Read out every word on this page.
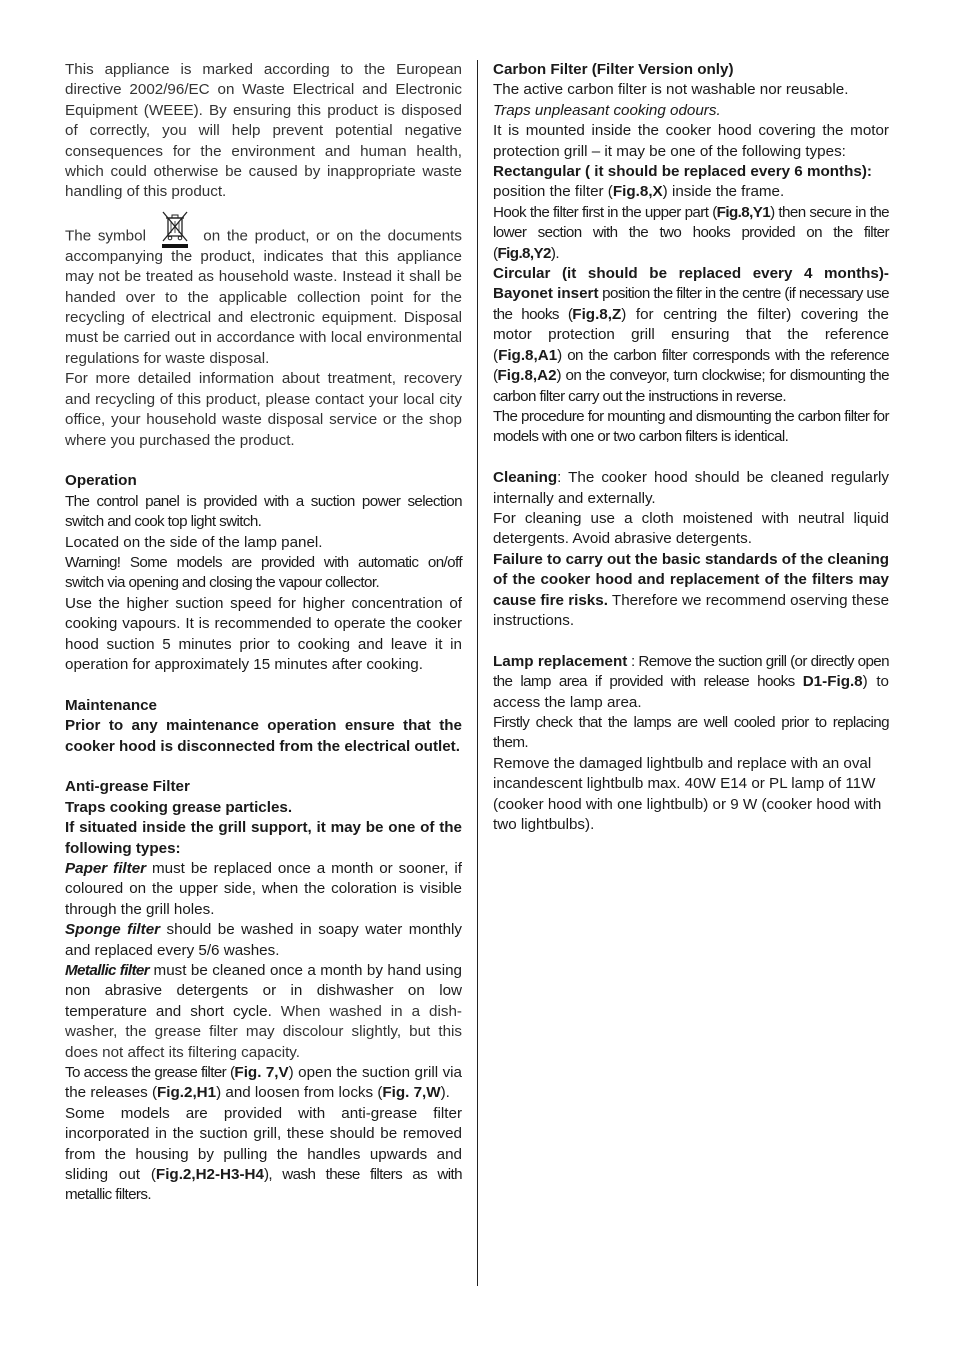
This appliance is marked according to the European directive 2002/96/EC on Waste Electrical and Electronic Equipment (WEEE). By ensuring this product is disposed of correctly, you will help prevent potential negative consequences for the environment and human health, which could otherwise be caused by inappropriate waste handling of this product.

The symbol	on the product, or on the documents accompanying the product, indicates that this appliance may not be treated as household waste. Instead it shall be handed over to the applicable collection point for the recycling of electrical and electronic equipment. Disposal must be carried out in accordance with local environmental regulations for waste disposal.

For more detailed information about treatment, recovery and recycling of this product, please contact your local city office, your household waste disposal service or the shop where you purchased the product.

Operation

The control panel is provided with a suction power selection switch and cook top light switch.

Located on the side of the lamp panel.

Warning! Some models are provided with automatic on/off switch via opening and closing the vapour collector.

Use the higher suction speed for higher concentration of cooking vapours. It is recommended to operate the cooker hood suction 5 minutes prior to cooking and leave it in operation for approximately 15 minutes after cooking.

Maintenance

Prior to any maintenance operation ensure that the cooker hood is disconnected from the electrical outlet.

Anti-grease Filter

Traps cooking grease particles.

If situated inside the grill support, it may be one of the following types:

Paper filter must be replaced once a month or sooner, if coloured on the upper side, when the coloration is visible through the grill holes.

Sponge filter should be washed in soapy water monthly and replaced every 5/6 washes.

Metallic filter must be cleaned once a month by hand using non abrasive detergents or in dishwasher on low temperature and short cycle. When washed in a dish-washer, the grease filter may discolour slightly, but this does not affect its filtering capacity.

To access the grease filter (Fig. 7,V) open the suction grill via the releases (Fig.2,H1) and loosen from locks (Fig. 7,W).

Some models are provided with anti-grease filter incorporated in the suction grill, these should be removed from the housing by pulling the handles upwards and sliding out (Fig.2,H2-H3-H4), wash these filters as with metallic filters.

Carbon Filter (Filter Version only)

The active carbon filter is not washable nor reusable.

Traps unpleasant cooking odours.

It is mounted inside the cooker hood covering the motor protection grill – it may be one of the following types:

Rectangular ( it should be replaced every 6 months): position the filter (Fig.8,X) inside the frame.

Hook the filter first in the upper part (Fig.8,Y1) then secure in the lower section with the two hooks provided on the filter (Fig.8,Y2).

Circular (it should be replaced every 4 months)- Bayonet insert position the filter in the centre (if necessary use the hooks (Fig.8,Z) for centring the filter) covering the motor protection grill ensuring that the reference (Fig.8,A1) on the carbon filter corresponds with the reference (Fig.8,A2) on the conveyor, turn clockwise; for dismounting the carbon filter carry out the instructions in reverse.

The procedure for mounting and dismounting the carbon filter for models with one or two carbon filters is identical.

Cleaning: The cooker hood should be cleaned regularly internally and externally.

For cleaning use a cloth moistened with neutral liquid detergents. Avoid abrasive detergents.

Failure to carry out the basic standards of the cleaning of the cooker hood and replacement of the filters may cause fire risks. Therefore we recommend oserving these instructions.

Lamp replacement : Remove the suction grill (or directly open the lamp area if provided with release hooks D1-Fig.8) to access the lamp area.

Firstly check that the lamps are well cooled prior to replacing them.

Remove the damaged lightbulb and replace with an oval incandescent lightbulb max. 40W E14 or PL lamp of 11W (cooker hood with one lightbulb) or 9 W (cooker hood with two lightbulbs).
